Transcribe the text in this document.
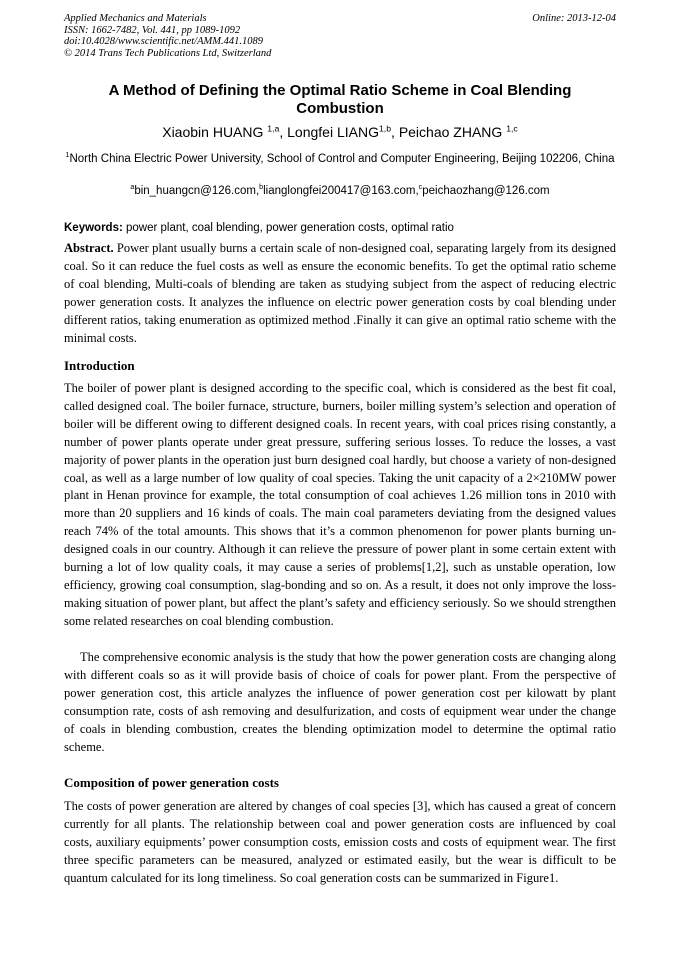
Applied Mechanics and Materials
ISSN: 1662-7482, Vol. 441, pp 1089-1092
doi:10.4028/www.scientific.net/AMM.441.1089
© 2014 Trans Tech Publications Ltd, Switzerland
Online: 2013-12-04
A Method of Defining the Optimal Ratio Scheme in Coal Blending Combustion
Xiaobin HUANG $^{1,a}$, Longfei LIANG$^{1,b}$, Peichao ZHANG $^{1,c}$
$^1$North China Electric Power University, School of Control and Computer Engineering, Beijing 102206, China
$^a$bin_huangcn@126.com,$^b$lianglongfei200417@163.com,$^c$peichaozhang@126.com
Keywords: power plant, coal blending, power generation costs, optimal ratio
Abstract. Power plant usually burns a certain scale of non-designed coal, separating largely from its designed coal. So it can reduce the fuel costs as well as ensure the economic benefits. To get the optimal ratio scheme of coal blending, Multi-coals of blending are taken as studying subject from the aspect of reducing electric power generation costs. It analyzes the influence on electric power generation costs by coal blending under different ratios, taking enumeration as optimized method .Finally it can give an optimal ratio scheme with the minimal costs.
Introduction
The boiler of power plant is designed according to the specific coal, which is considered as the best fit coal, called designed coal. The boiler furnace, structure, burners, boiler milling system’s selection and operation of boiler will be different owing to different designed coals. In recent years, with coal prices rising constantly, a number of power plants operate under great pressure, suffering serious losses. To reduce the losses, a vast majority of power plants in the operation just burn designed coal hardly, but choose a variety of non-designed coal, as well as a large number of low quality of coal species. Taking the unit capacity of a 2×210MW power plant in Henan province for example, the total consumption of coal achieves 1.26 million tons in 2010 with more than 20 suppliers and 16 kinds of coals. The main coal parameters deviating from the designed values reach 74% of the total amounts. This shows that it’s a common phenomenon for power plants burning un-designed coals in our country. Although it can relieve the pressure of power plant in some certain extent with burning a lot of low quality coals, it may cause a series of problems[1,2], such as unstable operation, low efficiency, growing coal consumption, slag-bonding and so on. As a result, it does not only improve the loss-making situation of power plant, but affect the plant’s safety and efficiency seriously. So we should strengthen some related researches on coal blending combustion.
The comprehensive economic analysis is the study that how the power generation costs are changing along with different coals so as it will provide basis of choice of coals for power plant. From the perspective of power generation cost, this article analyzes the influence of power generation cost per kilowatt by plant consumption rate, costs of ash removing and desulfurization, and costs of equipment wear under the change of coals in blending combustion, creates the blending optimization model to determine the optimal ratio scheme.
Composition of power generation costs
The costs of power generation are altered by changes of coal species [3], which has caused a great of concern currently for all plants. The relationship between coal and power generation costs are influenced by coal costs, auxiliary equipments’ power consumption costs, emission costs and costs of equipment wear. The first three specific parameters can be measured, analyzed or estimated easily, but the wear is difficult to be quantum calculated for its long timeliness. So coal generation costs can be summarized in Figure1.
